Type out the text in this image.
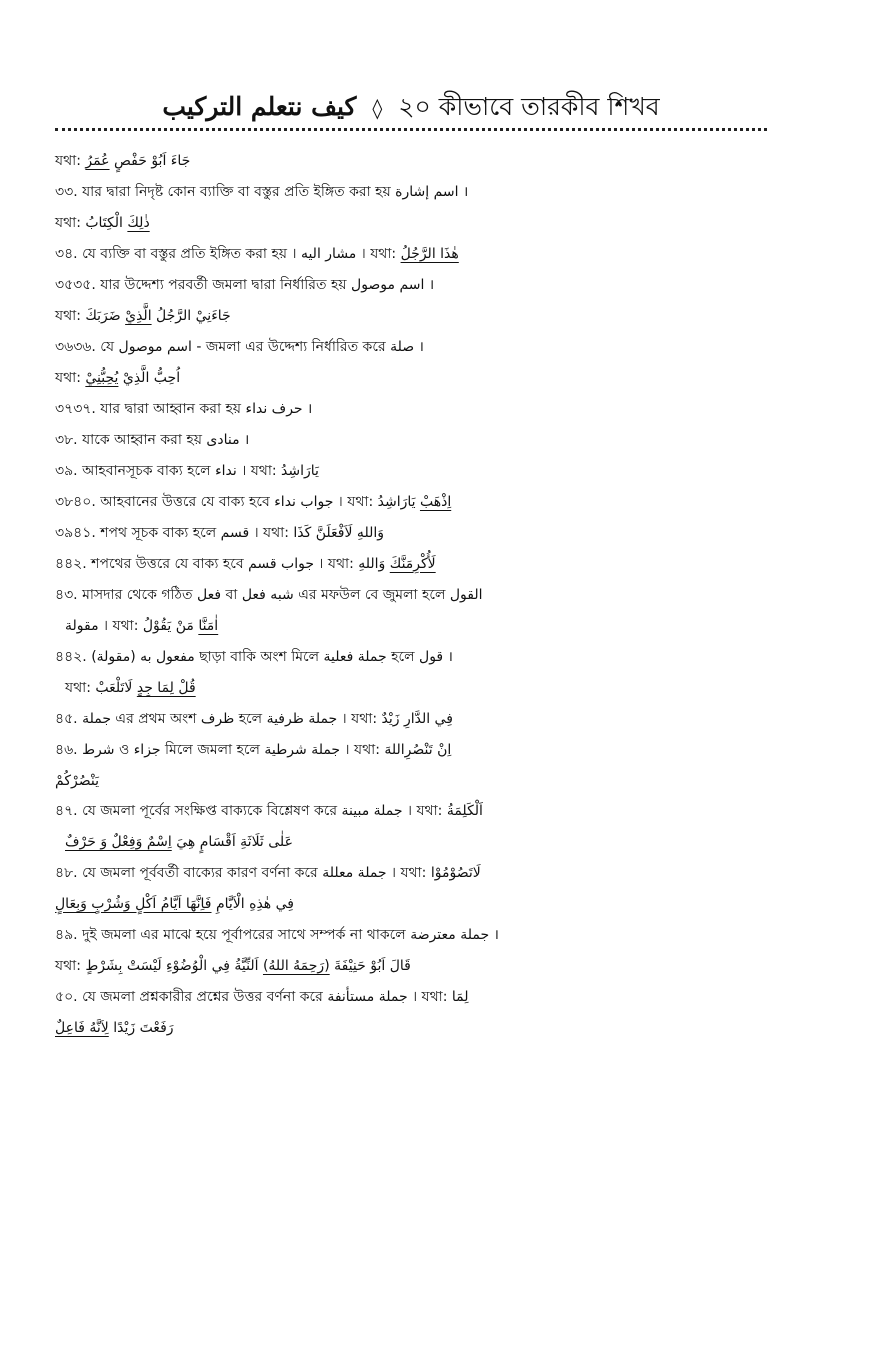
كيف نتعلم التركيب ◊ ২০ কীভাবে তারকীব শিখব
যথা: جَاءَ اَبُوْ حَفْصٍ عُمَرُ
৩৩. যার দ্বারা নিদৃষ্ট কোন ব্যাক্তি বা বস্তুর প্রতি ইঙ্গিত করা হয় اسم إشارة ।
যথা:	ذٰلِكَ الْكِتَابُ
৩৪. যে ব্যক্তি বা বস্তুর প্রতি ইঙ্গিত করা হয় । مشار اليه । যথা: هٰذَا الرَّجُلُ
৩৫৩৫. যার উদ্দেশ্য পরবর্তী জমলা দ্বারা নির্ধারিত হয় اسم موصول ।
যথা:	جَاءَنِيْ الرَّجُلُ الَّذِيْ ضَرَبَكَ
৩৬৩৬. যে اسم موصول - জমলা এর উদ্দেশ্য নির্ধারিত করে صلة ।
যথা:	اُحِبُّ الَّذِيْ يُحِبُّنِيْ
৩৭৩৭. যার দ্বারা আহ্বান করা হয় حرف نداء ।
৩৮. যাকে আহ্বান করা হয় منادى ।
৩৯. আহবানসূচক বাক্য হলে نداء । যথা: يَارَاشِدُ
৩৮৪০. আহবানের উত্তরে যে বাক্য হবে جواب نداء । যথা:	اِذْهَبْ يَارَاشِدُ
৩৯৪১. শপথ সূচক বাক্য হলে قسم । যথা: وَاللهِ لَاَفْعَلَنَّ كَذَا
৪৪২. শপথের উত্তরে যে বাক্য হবে جواب قسم । যথা: لَأُكْرِمَنَّكَ وَاللهِ
৪৩. মাসদার থেকে গঠিত فعل বা شبه فعل এর মফউল বে জুমলা হলে القول
مقولة । যথা:	اٰمَنَّا مَنْ يَقُوْلُ
৪৪২. مفعول به (مقولة) ছাড়া বাকি অংশ মিলে جملة فعلية হলে قول ।
যথা:	قُلْ لِمَا جِدٍ لَاتَلْعَبْ
৪৫. جملة এর প্রথম অংশ ظرف হলে جملة ظرفية । যথা: فِي الدَّارِ زَيْدٌ
৪৬. شرط ও جزاء মিলে জমলা হলে جملة شرطية । যথা: اِنْ تَنْصُرِاللهَ
يَنْصُرْكُمْ
৪৭. যে জমলা পূর্বের সংক্ষিপ্ত বাক্যকে বিশ্লেষণ করে جملة مبينة । যথা: اَلْكَلِمَةُ
عَلٰى ثَلَاثَةِ اَقْسَامٍ هِيَ اِسْمٌ وَفِعْلٌ وَ حَرْفٌ
৪৮. যে জমলা পূর্ববর্তী বাক্যের কারণ বর্ণনা করে جملة معللة । যথা: لَاتَصُوْمُوْا
فِي هٰذِهِ الْاَيَّامِ فَاِنَّهَا اَيَّامُ اَكْلٍ وَشُرْبٍ وَبِعَالٍ
৪৯. দুই জমলা এর মাঝে হয়ে পূর্বাপরের সাথে সম্পর্ক না থাকলে جملة معترضة ।
যথা:	قَالَ اَبُوْ حَنِيْفَةَ (رَحِمَهُ اللهُ) اَلنِّيَّةُ فِي الْوُضُوْءِ لَيْسَتْ بِشَرْطٍ
৫০. যে জমলা প্রশ্নকারীর প্রশ্নের উত্তর বর্ণনা করে جملة مستأنفة । যথা: لِمَا
رَفَعْتَ زَيْدًا لِاَنَّهُ فَاعِلٌ
